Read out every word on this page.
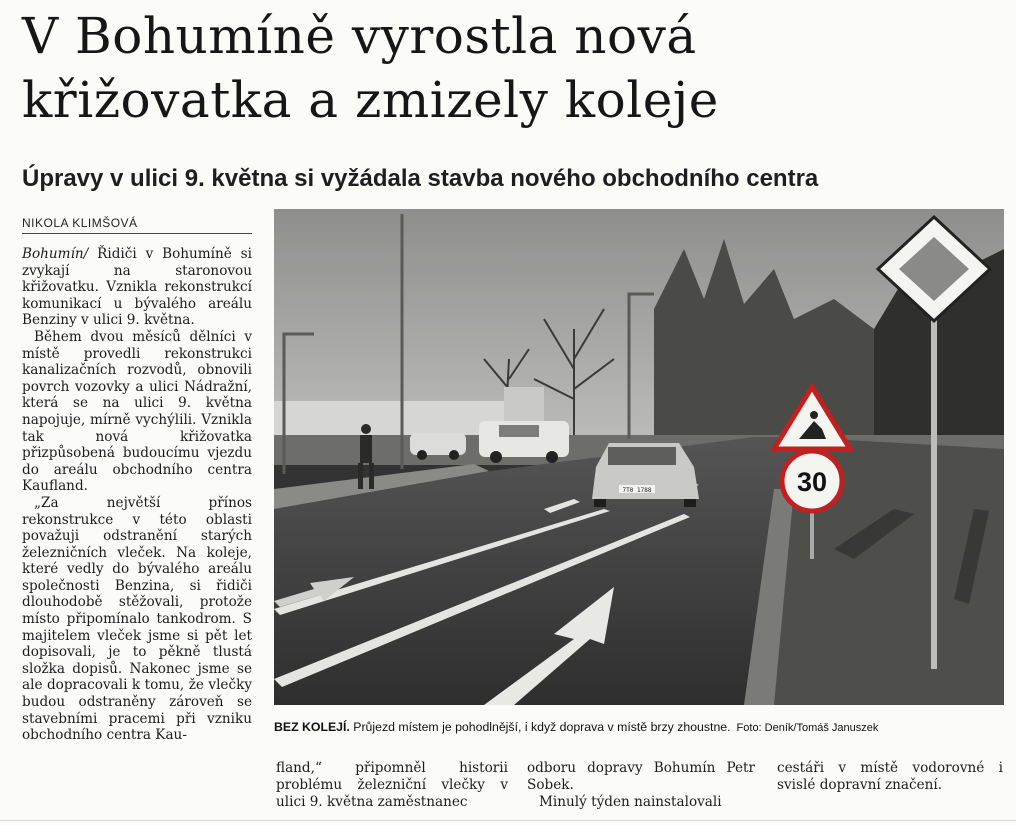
V Bohumíně vyrostla nová
křižovatka a zmizely koleje
Úpravy v ulici 9. května si vyžádala stavba nového obchodního centra
NIKOLA KLIMŠOVÁ

Bohumín/ Řidiči v Bohumíně si zvykají na staronovou křižovatku. Vznikla rekonstrukcí komunikací u bývalého areálu Benziny v ulici 9. května.

Během dvou měsíců dělníci v místě provedli rekonstrukci kanalizačních rozvodů, obnovili povrch vozovky a ulici Nádražní, která se na ulici 9. května napojuje, mírně vychýlili. Vznikla tak nová křižovatka přizpůsobená budoucímu vjezdu do areálu obchodního centra Kaufland.

„Za největší přínos rekonstrukce v této oblasti považuji odstranění starých železničních vleček. Na koleje, které vedly do bývalého areálu společnosti Benzina, si řidiči dlouhodobě stěžovali, protože místo připomínalo tankodrom. S majitelem vleček jsme si pět let dopisovali, je to pěkně tlustá složka dopisů. Nakonec jsme se ale dopracovali k tomu, že vlečky budou odstraněny zároveň se stavebními pracemi při vzniku obchodního centra Kau-

7T0 1788	30
BEZ KOLEJÍ. Průjezd místem je pohodlnější, i když doprava v místě brzy zhoustne. Foto: Deník/Tomáš Januszek

fland,“ připomněl historii problému železniční vlečky v ulici 9. května zaměstnanec

odboru dopravy Bohumín Petr Sobek.

Minulý týden nainstalovali

cestáři v místě vodorovné i svislé dopravní značení.
